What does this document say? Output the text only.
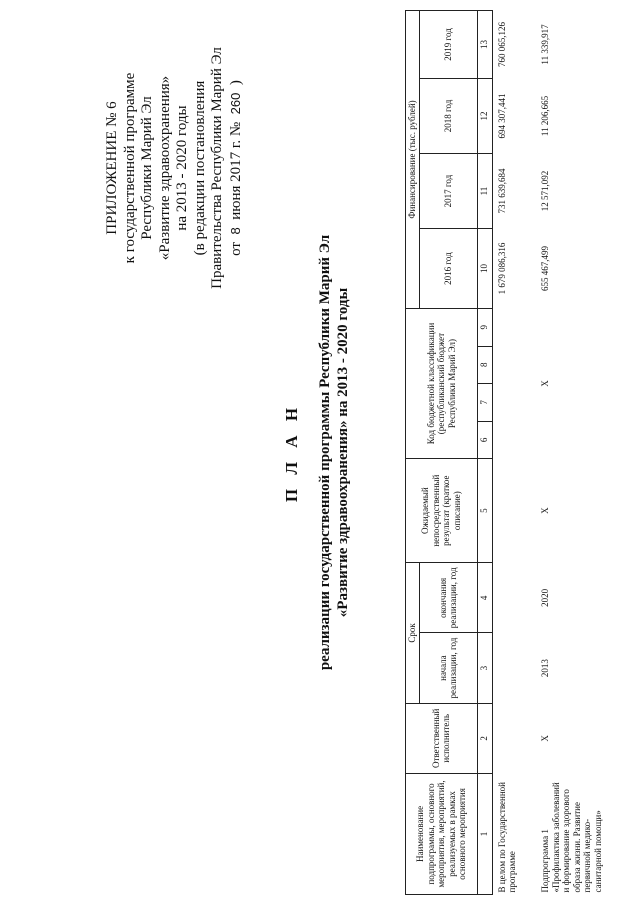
ПРИЛОЖЕНИЕ № 6 к государственной программе Республики Марий Эл «Развитие здравоохранения» на 2013 - 2020 годы (в редакции постановления Правительства Республики Марий Эл от  8  июня 2017 г. №  260  )
П Л А Н реализации государственной программы Республики Марий Эл «Развитие здравоохранения» на 2013 - 2020 годы
Наименование подпрограммы, основного мероприятия, мероприятий, реализуемых в рамках основного мероприятия	Ответственный исполнитель	Срок		Ожидаемый непосредственный результат (краткое описание)	Код бюджетной классификации (республиканский бюджет Республики Марий Эл)				Финансирование (тыс. рублей)			
		начала реализации, год	окончания реализации, год						2016 год	2017 год	2018 год	2019 год
1	2	3	4	5	6	7	8	9	10	11	12	13
В целом по Государственной программе									1 679 086,316	731 639,684	694 307,441	760 065,126
Подпрограмма 1 «Профилактика заболеваний и формирование здорового образа жизни. Развитие первичной медико-санитарной помощи»	Х	2013	2020	Х	Х				655 467,499	12 571,092	11 206,665	11 339,917
